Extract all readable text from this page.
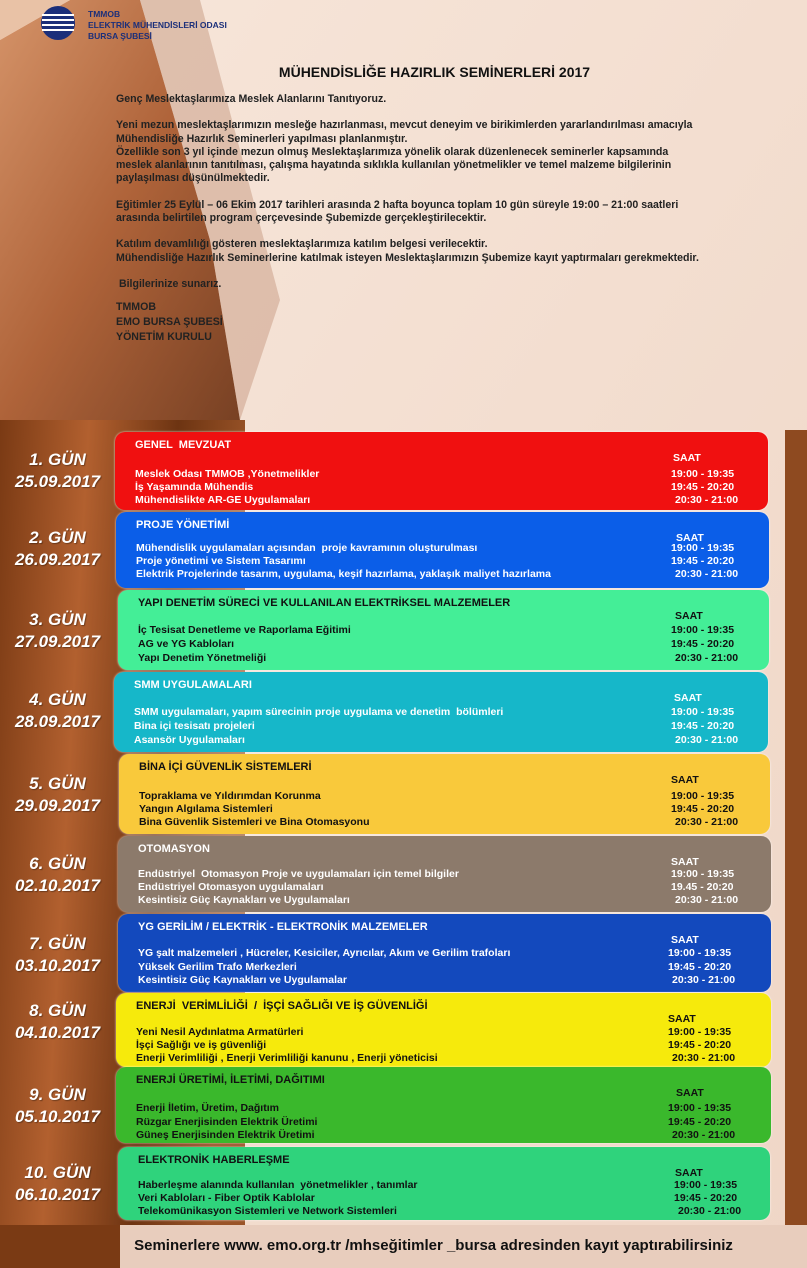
TMMOB
ELEKTRİK MÜHENDİSLERİ ODASI
BURSA ŞUBESİ
MÜHENDİSLİĞE HAZIRLIK SEMİNERLERİ 2017

Genç Meslektaşlarımıza Meslek Alanlarını Tanıtıyoruz.

Yeni mezun meslektaşlarımızın mesleğe hazırlanması, mevcut deneyim ve birikimlerden yararlandırılması amacıyla

Mühendisliğe Hazırlık Seminerleri yapılması planlanmıştır.

Özellikle son 3 yıl içinde mezun olmuş Meslektaşlarımıza yönelik olarak düzenlenecek seminerler kapsamında

meslek alanlarının tanıtılması, çalışma hayatında sıklıkla kullanılan yönetmelikler ve temel malzeme bilgilerinin

paylaşılması düşünülmektedir.

Eğitimler 25 Eylül – 06 Ekim 2017 tarihleri arasında 2 hafta boyunca toplam 10 gün süreyle 19:00 – 21:00 saatleri

arasında belirtilen program çerçevesinde Şubemizde gerçekleştirilecektir.

Katılım devamlılığı gösteren meslektaşlarımıza katılım belgesi verilecektir.

Mühendisliğe Hazırlık Seminerlerine katılmak isteyen Meslektaşlarımızın Şubemize kayıt yaptırmaları gerekmektedir.

Bilgilerinize sunarız.

TMMOB

EMO BURSA ŞUBESİ

YÖNETİM KURULU

1. GÜN
25.09.2017
GENEL  MEVZUAT
SAAT
Meslek Odası TMMOB ,Yönetmelikler	19:00 - 19:35
İş Yaşamında Mühendis	19:45 - 20:20
Mühendislikte AR-GE Uygulamaları	20:30 - 21:00
2. GÜN
26.09.2017
PROJE YÖNETİMİ
SAAT
Mühendislik uygulamaları açısından  proje kavramının oluşturulması	19:00 - 19:35
Proje yönetimi ve Sistem Tasarımı	19:45 - 20:20
Elektrik Projelerinde tasarım, uygulama, keşif hazırlama, yaklaşık maliyet hazırlama	20:30 - 21:00
3. GÜN
27.09.2017
YAPI DENETİM SÜRECİ VE KULLANILAN ELEKTRİKSEL MALZEMELER
SAAT
İç Tesisat Denetleme ve Raporlama Eğitimi	19:00 - 19:35
AG ve YG Kabloları	19:45 - 20:20
Yapı Denetim Yönetmeliği	20:30 - 21:00
4. GÜN
28.09.2017
SMM UYGULAMALARI
SAAT
SMM uygulamaları, yapım sürecinin proje uygulama ve denetim  bölümleri	19:00 - 19:35
Bina içi tesisatı projeleri	19:45 - 20:20
Asansör Uygulamaları	20:30 - 21:00
5. GÜN
29.09.2017
BİNA İÇİ GÜVENLİK SİSTEMLERİ
SAAT
Topraklama ve Yıldırımdan Korunma	19:00 - 19:35
Yangın Algılama Sistemleri	19:45 - 20:20
Bina Güvenlik Sistemleri ve Bina Otomasyonu	20:30 - 21:00
6. GÜN
02.10.2017
OTOMASYON
SAAT
Endüstriyel  Otomasyon Proje ve uygulamaları için temel bilgiler	19:00 - 19:35
Endüstriyel Otomasyon uygulamaları	19.45 - 20:20
Kesintisiz Güç Kaynakları ve Uygulamaları	20:30 - 21:00
7. GÜN
03.10.2017
YG GERİLİM / ELEKTRİK - ELEKTRONİK MALZEMELER
SAAT
YG şalt malzemeleri , Hücreler, Kesiciler, Ayrıcılar, Akım ve Gerilim trafoları	19:00 - 19:35
Yüksek Gerilim Trafo Merkezleri	19:45 - 20:20
Kesintisiz Güç Kaynakları ve Uygulamalar	20:30 - 21:00
8. GÜN
04.10.2017
ENERJİ  VERİMLİLİĞİ  /  İŞÇİ SAĞLIĞI VE İŞ GÜVENLİĞİ
SAAT
Yeni Nesil Aydınlatma Armatürleri	19:00 - 19:35
İşçi Sağlığı ve iş güvenliği	19:45 - 20:20
Enerji Verimliliği , Enerji Verimliliği kanunu , Enerji yöneticisi	20:30 - 21:00
9. GÜN
05.10.2017
ENERJİ ÜRETİMİ, İLETİMİ, DAĞITIMI
SAAT
Enerji İletim, Üretim, Dağıtım	19:00 - 19:35
Rüzgar Enerjisinden Elektrik Üretimi	19:45 - 20:20
Güneş Enerjisinden Elektrik Üretimi	20:30 - 21:00
10. GÜN
06.10.2017
ELEKTRONİK HABERLEŞME
SAAT
Haberleşme alanında kullanılan  yönetmelikler , tanımlar	19:00 - 19:35
Veri Kabloları - Fiber Optik Kablolar	19:45 - 20:20
Telekomünikasyon Sistemleri ve Network Sistemleri	20:30 - 21:00
Seminerlere www. emo.org.tr /mhseğitimler _bursa adresinden kayıt yaptırabilirsiniz
